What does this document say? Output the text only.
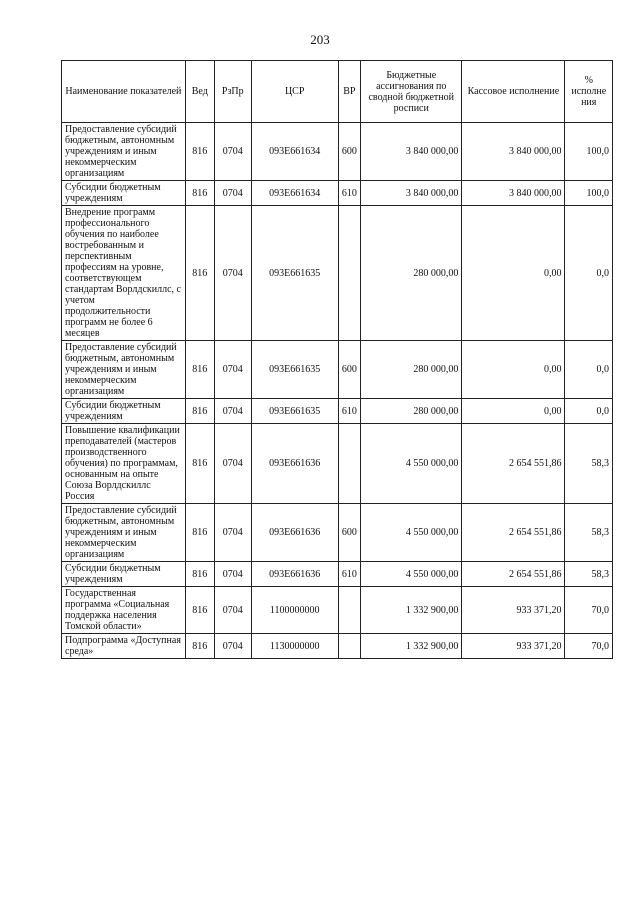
203
Наименование показателей	Вед	РзПр	ЦСР	ВР	Бюджетные ассигнования по сводной бюджетной росписи	Кассовое исполнение	% исполне ния
Предоставление субсидий бюджетным, автономным учреждениям и иным некоммерческим организациям	816	0704	093Е661634	600	3 840 000,00	3 840 000,00	100,0
Субсидии бюджетным учреждениям	816	0704	093Е661634	610	3 840 000,00	3 840 000,00	100,0
Внедрение программ профессионального обучения по наиболее востребованным и перспективным профессиям на уровне, соответствующем стандартам Ворлдскиллс, с учетом продолжительности программ не более 6 месяцев	816	0704	093Е661635		280 000,00	0,00	0,0
Предоставление субсидий бюджетным, автономным учреждениям и иным некоммерческим организациям	816	0704	093Е661635	600	280 000,00	0,00	0,0
Субсидии бюджетным учреждениям	816	0704	093Е661635	610	280 000,00	0,00	0,0
Повышение квалификации преподавателей (мастеров производственного обучения) по программам, основанным на опыте Союза Ворлдскиллс Россия	816	0704	093Е661636		4 550 000,00	2 654 551,86	58,3
Предоставление субсидий бюджетным, автономным учреждениям и иным некоммерческим организациям	816	0704	093Е661636	600	4 550 000,00	2 654 551,86	58,3
Субсидии бюджетным учреждениям	816	0704	093Е661636	610	4 550 000,00	2 654 551,86	58,3
Государственная программа «Социальная поддержка населения Томской области»	816	0704	1100000000		1 332 900,00	933 371,20	70,0
Подпрограмма «Доступная среда»	816	0704	1130000000		1 332 900,00	933 371,20	70,0
